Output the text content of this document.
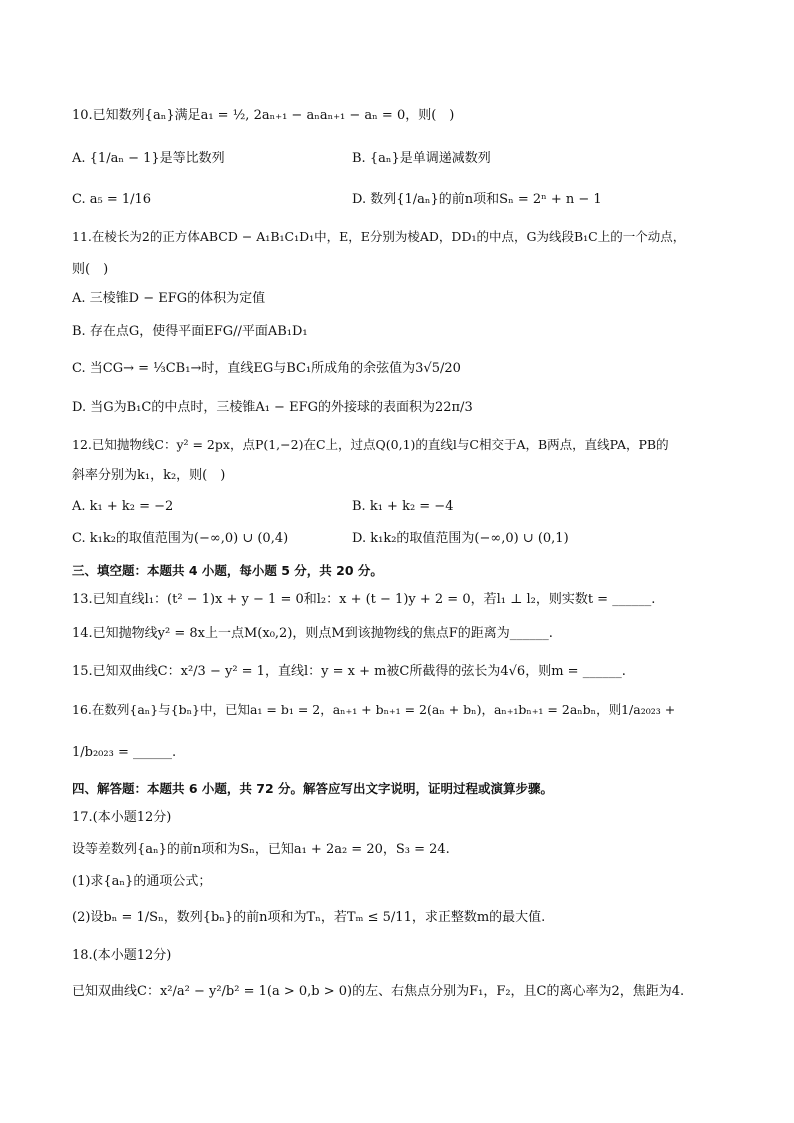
10.已知数列{aₙ}满足a₁ = ½, 2aₙ₊₁ − aₙaₙ₊₁ − aₙ = 0，则(　)
A. {1/aₙ − 1}是等比数列	B. {aₙ}是单调递减数列
C. a₅ = 1/16	D. 数列{1/aₙ}的前n项和Sₙ = 2ⁿ + n − 1
11.在棱长为2的正方体ABCD − A₁B₁C₁D₁中，E，E分别为棱AD，DD₁的中点，G为线段B₁C上的一个动点，
则(　)
A. 三棱锥D − EFG的体积为定值
B. 存在点G，使得平面EFG//平面AB₁D₁
C. 当CG→ = ⅓CB₁→时，直线EG与BC₁所成角的余弦值为3√5/20
D. 当G为B₁C的中点时，三棱锥A₁ − EFG的外接球的表面积为22π/3
12.已知抛物线C：y² = 2px，点P(1,−2)在C上，过点Q(0,1)的直线l与C相交于A，B两点，直线PA，PB的
斜率分别为k₁，k₂，则(　)
A. k₁ + k₂ = −2	B. k₁ + k₂ = −4
C. k₁k₂的取值范围为(−∞,0) ∪ (0,4)	D. k₁k₂的取值范围为(−∞,0) ∪ (0,1)
三、填空题：本题共 4 小题，每小题 5 分，共 20 分。
13.已知直线l₁：(t² − 1)x + y − 1 = 0和l₂：x + (t − 1)y + 2 = 0，若l₁ ⊥ l₂，则实数t = ______.
14.已知抛物线y² = 8x上一点M(x₀,2)，则点M到该抛物线的焦点F的距离为______.
15.已知双曲线C：x²/3 − y² = 1，直线l：y = x + m被C所截得的弦长为4√6，则m = ______.
16.在数列{aₙ}与{bₙ}中，已知a₁ = b₁ = 2，aₙ₊₁ + bₙ₊₁ = 2(aₙ + bₙ)，aₙ₊₁bₙ₊₁ = 2aₙbₙ，则1/a₂₀₂₃ +
1/b₂₀₂₃ = ______.
四、解答题：本题共 6 小题，共 72 分。解答应写出文字说明，证明过程或演算步骤。
17.(本小题12分)
设等差数列{aₙ}的前n项和为Sₙ，已知a₁ + 2a₂ = 20，S₃ = 24.
(1)求{aₙ}的通项公式；
(2)设bₙ = 1/Sₙ，数列{bₙ}的前n项和为Tₙ，若Tₘ ≤ 5/11，求正整数m的最大值.
18.(本小题12分)
已知双曲线C：x²/a² − y²/b² = 1(a > 0,b > 0)的左、右焦点分别为F₁，F₂，且C的离心率为2，焦距为4.
